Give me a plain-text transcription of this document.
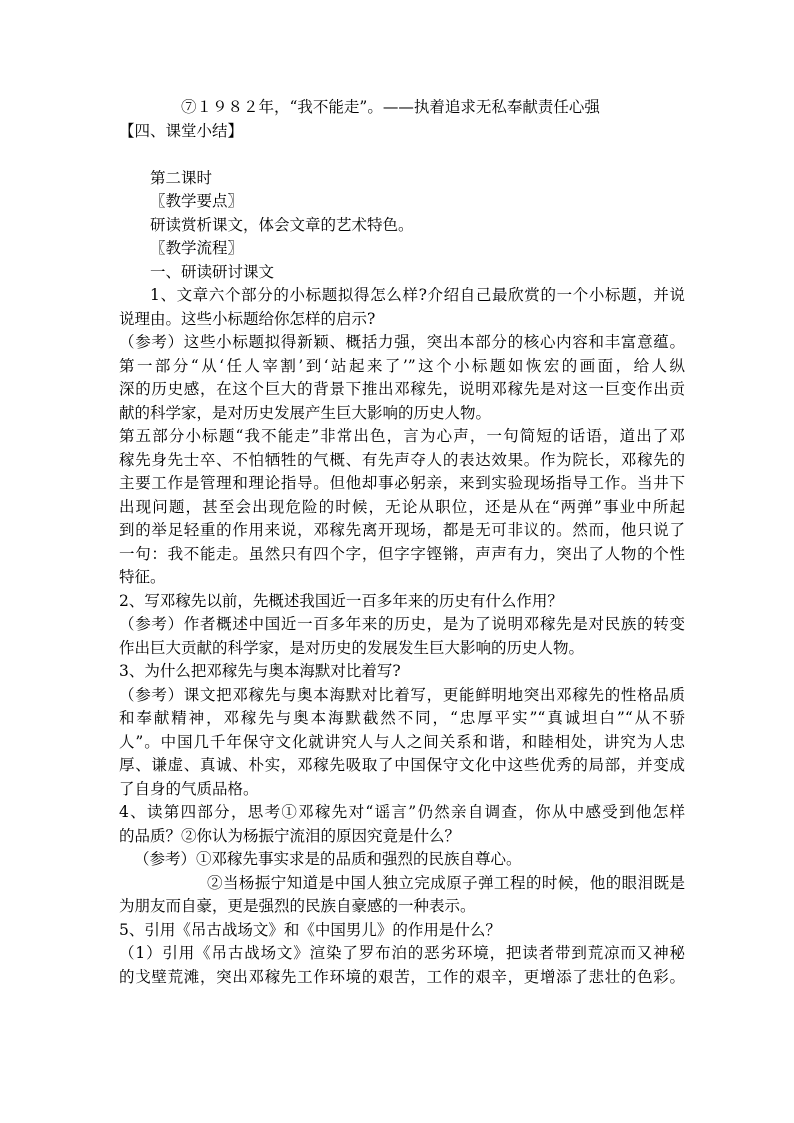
⑦１９８２年，“我不能走”。——执着追求无私奉献责任心强

【四、课堂小结】

第二课时

〖教学要点〗

研读赏析课文，体会文章的艺术特色。

〖教学流程〗

一、研读研讨课文

1、文章六个部分的小标题拟得怎么样?介绍自己最欣赏的一个小标题，并说

说理由。这些小标题给你怎样的启示?

（参考）这些小标题拟得新颖、概括力强，突出本部分的核心内容和丰富意蕴。

第一部分“从‘任人宰割’到‘站起来了’”这个小标题如恢宏的画面，给人纵

深的历史感，在这个巨大的背景下推出邓稼先，说明邓稼先是对这一巨变作出贡

献的科学家，是对历史发展产生巨大影响的历史人物。

第五部分小标题“我不能走”非常出色，言为心声，一句简短的话语，道出了邓

稼先身先士卒、不怕牺牲的气概、有先声夺人的表达效果。作为院长，邓稼先的

主要工作是管理和理论指导。但他却事必躬亲，来到实验现场指导工作。当井下

出现问题，甚至会出现危险的时候，无论从职位，还是从在“两弹”事业中所起

到的举足轻重的作用来说，邓稼先离开现场，都是无可非议的。然而，他只说了

一句：我不能走。虽然只有四个字，但字字铿锵，声声有力，突出了人物的个性

特征。

2、写邓稼先以前，先概述我国近一百多年来的历史有什么作用？

（参考）作者概述中国近一百多年来的历史，是为了说明邓稼先是对民族的转变

作出巨大贡献的科学家，是对历史的发展发生巨大影响的历史人物。

3、为什么把邓稼先与奥本海默对比着写?

（参考）课文把邓稼先与奥本海默对比着写，更能鲜明地突出邓稼先的性格品质

和奉献精神，邓稼先与奥本海默截然不同，“忠厚平实”“真诚坦白”“从不骄

人”。中国几千年保守文化就讲究人与人之间关系和谐，和睦相处，讲究为人忠

厚、谦虚、真诚、朴实，邓稼先吸取了中国保守文化中这些优秀的局部，并变成

了自身的气质品格。

4、读第四部分，思考①邓稼先对“谣言”仍然亲自调查，你从中感受到他怎样

的品质？②你认为杨振宁流泪的原因究竟是什么？

（参考）①邓稼先事实求是的品质和强烈的民族自尊心。

②当杨振宁知道是中国人独立完成原子弹工程的时候，他的眼泪既是

为朋友而自豪，更是强烈的民族自豪感的一种表示。

5、引用《吊古战场文》和《中国男儿》的作用是什么？

（1）引用《吊古战场文》渲染了罗布泊的恶劣环境，把读者带到荒凉而又神秘

的戈壁荒滩，突出邓稼先工作环境的艰苦，工作的艰辛，更增添了悲壮的色彩。
